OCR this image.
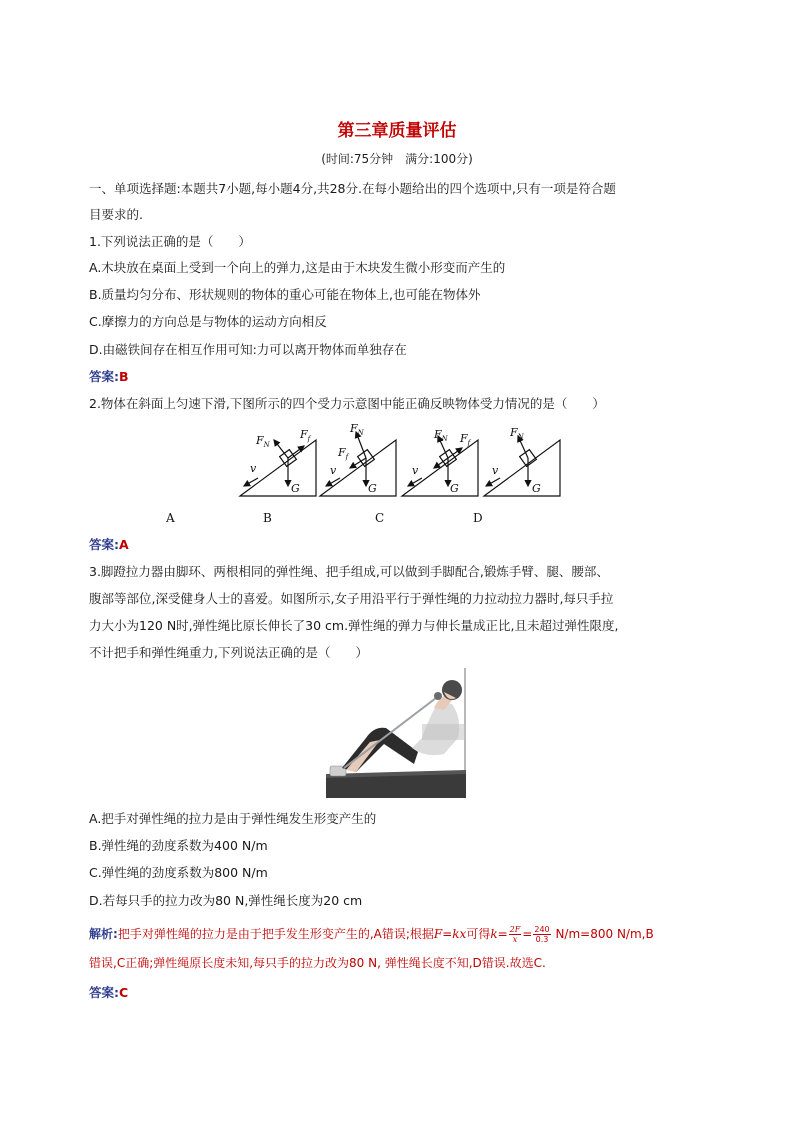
第三章质量评估
(时间:75分钟　满分:100分)
一、单项选择题:本题共7小题,每小题4分,共28分.在每小题给出的四个选项中,只有一项是符合题
目要求的.
1.下列说法正确的是（　　）
A.木块放在桌面上受到一个向上的弹力,这是由于木块发生微小形变而产生的
B.质量均匀分布、形状规则的物体的重心可能在物体上,也可能在物体外
C.摩擦力的方向总是与物体的运动方向相反
D.由磁铁间存在相互作用可知:力可以离开物体而单独存在
答案:B
2.物体在斜面上匀速下滑,下图所示的四个受力示意图中能正确反映物体受力情况的是（　　）
$F_N$
$F_f$
G
v
$F_N$
$F_f$
G
v
$F_N$ $F_f$
G
v
$F_N$
G
v
A	B	C	D
答案:A
3.脚蹬拉力器由脚环、两根相同的弹性绳、把手组成,可以做到手脚配合,锻炼手臂、腿、腰部、
腹部等部位,深受健身人士的喜爱。如图所示,女子用沿平行于弹性绳的力拉动拉力器时,每只手拉
力大小为120 N时,弹性绳比原长伸长了30 cm.弹性绳的弹力与伸长量成正比,且未超过弹性限度,
不计把手和弹性绳重力,下列说法正确的是（　　）
A.把手对弹性绳的拉力是由于弹性绳发生形变产生的
B.弹性绳的劲度系数为400 N/m
C.弹性绳的劲度系数为800 N/m
D.若每只手的拉力改为80 N,弹性绳长度为20 cm
解析:把手对弹性绳的拉力是由于把手发生形变产生的,A错误;根据F=kx可得$k= \frac{2F}{x} = \frac{240}{0.3} N/m=800$ N/m,B
错误,C正确;弹性绳原长度未知,每只手的拉力改为80 N, 弹性绳长度不知,D错误.故选C.
答案:C
